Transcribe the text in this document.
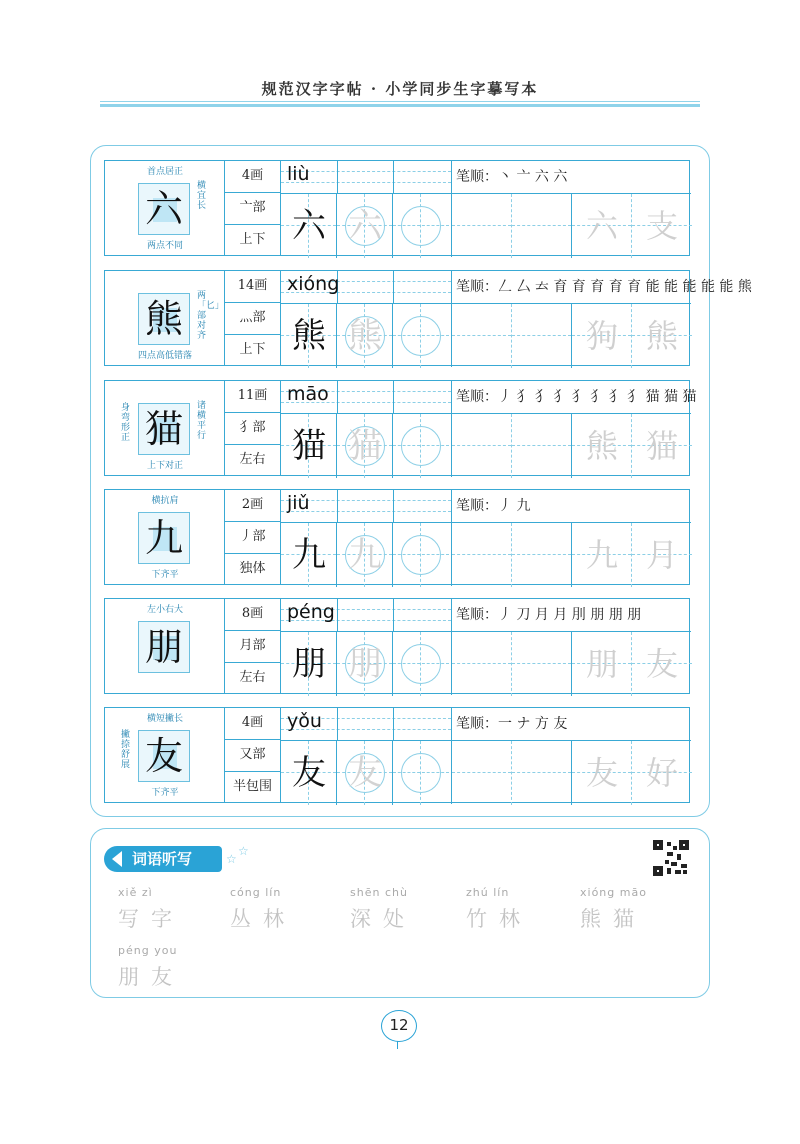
规范汉字字帖 · 小学同步生字摹写本
六
首点居正
两点不同
横宜长
4画
亠部
上下
liù
六 六
笔顺：丶 亠 六 六
六 支
熊
四点高低错落
两「匕」部对齐
14画
灬部
上下
xióng
熊 熊
笔顺：𠃋 厶 𠫓 育 育 育 育 育 能 能 能 能 能 熊
狗 熊
猫
上下对正
诸横平行
身弯形正
11画
犭部
左右
māo
猫 猫
笔顺：丿 犭 犭 犭 犭 犭 犭 犭 猫 猫 猫
熊 猫
九
横抗肩
下齐平
2画
丿部
独体
jiǔ
九 九
笔顺：丿 九
九 月
朋
左小右大	8画
月部
左右
péng
朋 朋
笔顺：丿 刀 月 月 刖 朋 朋 朋
朋 友
友
横短撇长
下齐平
撇捺舒展
4画
又部
半包围
yǒu
友 友
笔顺：一 ナ 方 友
友 好
词语听写	☆
☆
xiě zì
写字
cóng lín
丛林
shēn chù
深处
zhú lín
竹林
xióng māo
熊猫
péng you
朋友
12
